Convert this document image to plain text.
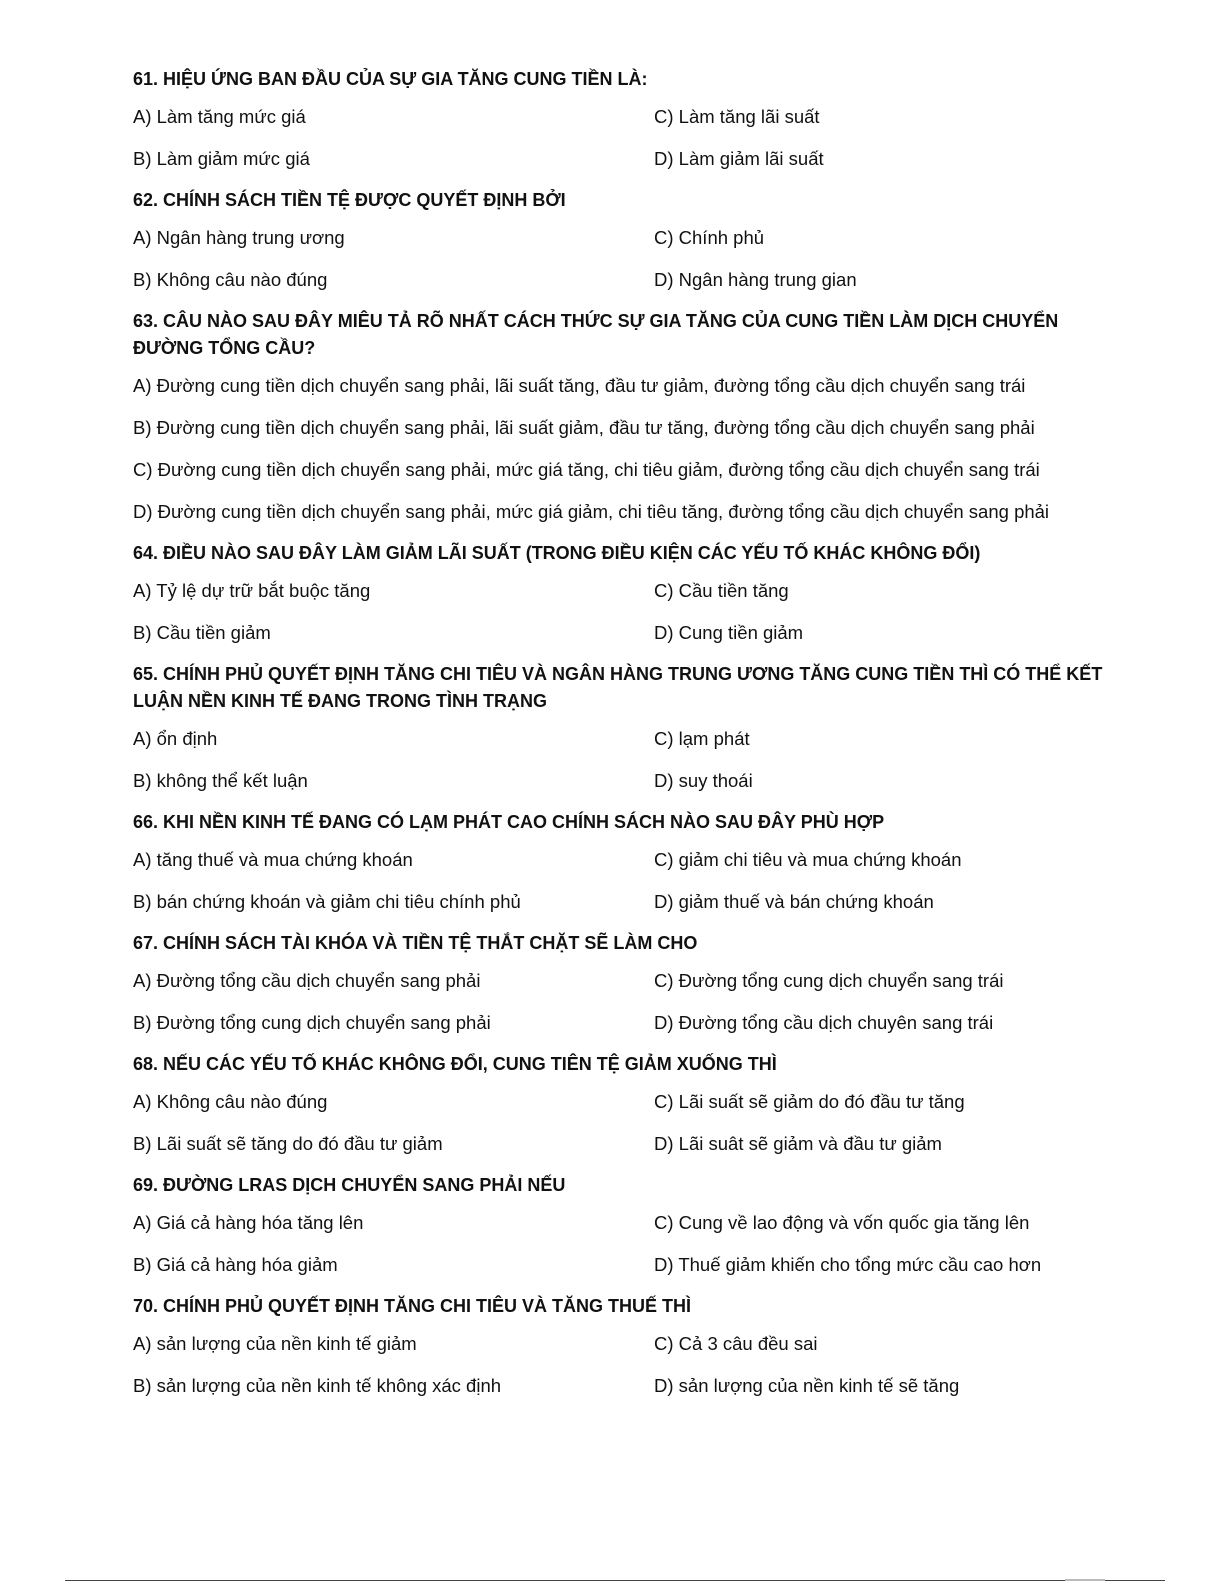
61. HIỆU ỨNG BAN ĐẦU CỦA SỰ GIA TĂNG CUNG TIỀN LÀ:
A) Làm tăng mức giá	C) Làm tăng lãi suất
B) Làm giảm mức giá	D) Làm giảm lãi suất
62. CHÍNH SÁCH TIỀN TỆ ĐƯỢC QUYẾT ĐỊNH BỞI
A) Ngân hàng trung ương	C) Chính phủ
B) Không câu nào đúng	D) Ngân hàng trung gian
63. CÂU NÀO SAU ĐÂY MIÊU TẢ RÕ NHẤT CÁCH THỨC SỰ GIA TĂNG CỦA CUNG TIỀN LÀM DỊCH CHUYỂN ĐƯỜNG TỔNG CẦU?
A) Đường cung tiền dịch chuyển sang phải, lãi suất tăng, đầu tư giảm, đường tổng cầu dịch chuyển sang trái
B) Đường cung tiền dịch chuyển sang phải, lãi suất giảm, đầu tư tăng, đường tổng cầu dịch chuyển sang phải
C) Đường cung tiền dịch chuyển sang phải, mức giá tăng, chi tiêu giảm, đường tổng cầu dịch chuyển sang trái
D) Đường cung tiền dịch chuyển sang phải, mức giá giảm, chi tiêu tăng, đường tổng cầu dịch chuyển sang phải
64. ĐIỀU NÀO SAU ĐÂY LÀM GIẢM LÃI SUẤT (TRONG ĐIỀU KIỆN CÁC YẾU TỐ KHÁC KHÔNG ĐỔI)
A) Tỷ lệ dự trữ bắt buộc tăng	C) Cầu tiền tăng
B) Cầu tiền giảm	D) Cung tiền giảm
65. CHÍNH PHỦ QUYẾT ĐỊNH TĂNG CHI TIÊU VÀ NGÂN HÀNG TRUNG ƯƠNG TĂNG CUNG TIỀN THÌ CÓ THỂ KẾT LUẬN NỀN KINH TẾ ĐANG TRONG TÌNH TRẠNG
A) ổn định	C) lạm phát
B) không thể kết luận	D) suy thoái
66. KHI NỀN KINH TẾ ĐANG CÓ LẠM PHÁT CAO CHÍNH SÁCH NÀO SAU ĐÂY PHÙ HỢP
A) tăng thuế và mua chứng khoán	C) giảm chi tiêu và mua chứng khoán
B) bán chứng khoán và giảm chi tiêu chính phủ	D) giảm thuế và bán chứng khoán
67. CHÍNH SÁCH TÀI KHÓA VÀ TIỀN TỆ THẮT CHẶT SẼ LÀM CHO
A) Đường tổng cầu dịch chuyển sang phải	C) Đường tổng cung dịch chuyển sang trái
B) Đường tổng cung dịch chuyển sang phải	D) Đường tổng cầu dịch chuyên sang trái
68. NẾU CÁC YẾU TỐ KHÁC KHÔNG ĐỔI, CUNG TIÊN TỆ GIẢM XUỐNG THÌ
A) Không câu nào đúng	C) Lãi suất sẽ giảm do đó đầu tư tăng
B) Lãi suất sẽ tăng do đó đầu tư giảm	D) Lãi suât sẽ giảm và đầu tư giảm
69. ĐƯỜNG LRAS DỊCH CHUYỂN SANG PHẢI NẾU
A) Giá cả hàng hóa tăng lên	C) Cung về lao động và vốn quốc gia tăng lên
B) Giá cả hàng hóa giảm	D) Thuế giảm khiến cho tổng mức cầu cao hơn
70. CHÍNH PHỦ QUYẾT ĐỊNH TĂNG CHI TIÊU VÀ TĂNG THUẾ THÌ
A) sản lượng của nền kinh tế giảm	C) Cả 3 câu đều sai
B) sản lượng của nền kinh tế không xác định	D) sản lượng của nền kinh tế sẽ tăng
